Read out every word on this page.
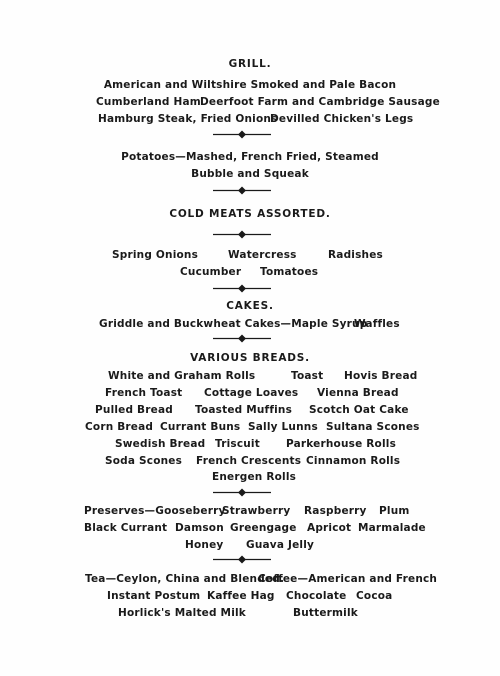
GRILL.
American and Wiltshire Smoked and Pale Bacon
Cumberland Ham Deerfoot Farm and Cambridge Sausage
Hamburg Steak, Fried Onions
Devilled Chicken's Legs
Potatoes—Mashed, French Fried, Steamed
Bubble and Squeak
COLD MEATS ASSORTED.
Spring Onions	Watercress	Radishes
Cucumber Tomatoes
CAKES.
Griddle and Buckwheat Cakes—Maple Syrup
Waffles
VARIOUS BREADS.
White and Graham Rolls	Toast Hovis Bread
French Toast Cottage Loaves Vienna Bread
Pulled Bread Toasted Muffins Scotch Oat Cake
Corn Bread Currant Buns Sally Lunns Sultana Scones
Swedish Bread Triscuit Parkerhouse Rolls
Soda Scones French Crescents Cinnamon Rolls
Energen Rolls
Preserves—Gooseberry
Strawberry Raspberry Plum
Black Currant Damson Greengage Apricot Marmalade
Honey Guava Jelly
Tea—Ceylon, China and Blended.
Coffee—American and French
Instant Postum Kaffee Hag Chocolate Cocoa
Horlick's Malted Milk	Buttermilk
